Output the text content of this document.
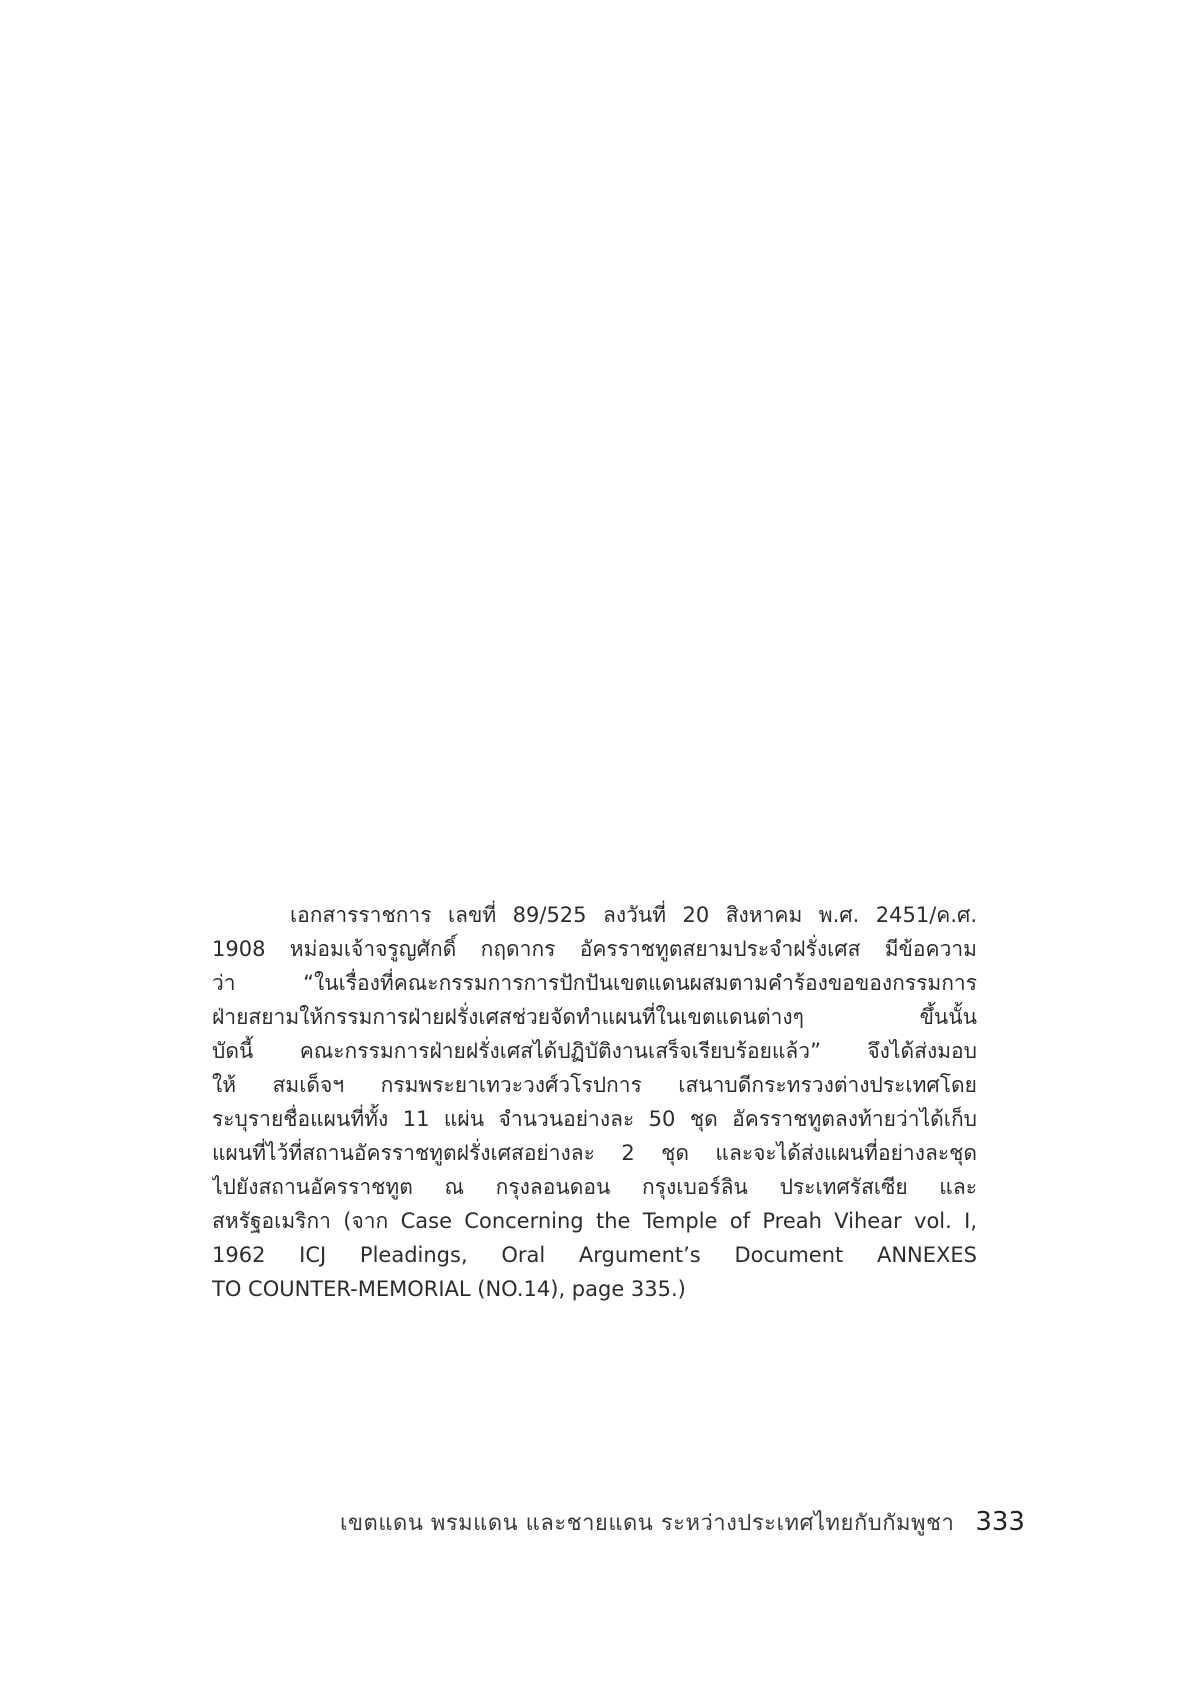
เอกสารราชการ เลขที่ 89/525 ลงวันที่ 20 สิงหาคม พ.ศ. 2451/ค.ศ.
1908 หม่อมเจ้าจรูญศักดิ์ กฤดากร อัครราชทูตสยามประจำฝรั่งเศส มีข้อความ
ว่า “ในเรื่องที่คณะกรรมการการปักปันเขตแดนผสมตามคำร้องขอของกรรมการ
ฝ่ายสยามให้กรรมการฝ่ายฝรั่งเศสช่วยจัดทำแผนที่ในเขตแดนต่างๆ ขึ้นนั้น
บัดนี้ คณะกรรมการฝ่ายฝรั่งเศสได้ปฏิบัติงานเสร็จเรียบร้อยแล้ว” จึงได้ส่งมอบ
ให้ สมเด็จฯ กรมพระยาเทวะวงศ์วโรปการ เสนาบดีกระทรวงต่างประเทศโดย
ระบุรายชื่อแผนที่ทั้ง 11 แผ่น จำนวนอย่างละ 50 ชุด อัครราชทูตลงท้ายว่าได้เก็บ
แผนที่ไว้ที่สถานอัครราชทูตฝรั่งเศสอย่างละ 2 ชุด และจะได้ส่งแผนที่อย่างละชุด
ไปยังสถานอัครราชทูต ณ กรุงลอนดอน กรุงเบอร์ลิน ประเทศรัสเซีย และ
สหรัฐอเมริกา (จาก Case Concerning the Temple of Preah Vihear vol. I,
1962 ICJ Pleadings, Oral Argument’s Document ANNEXES
TO COUNTER-MEMORIAL (NO.14), page 335.)
เขตแดน พรมแดน และชายแดน ระหว่างประเทศไทยกับกัมพูชา 333
